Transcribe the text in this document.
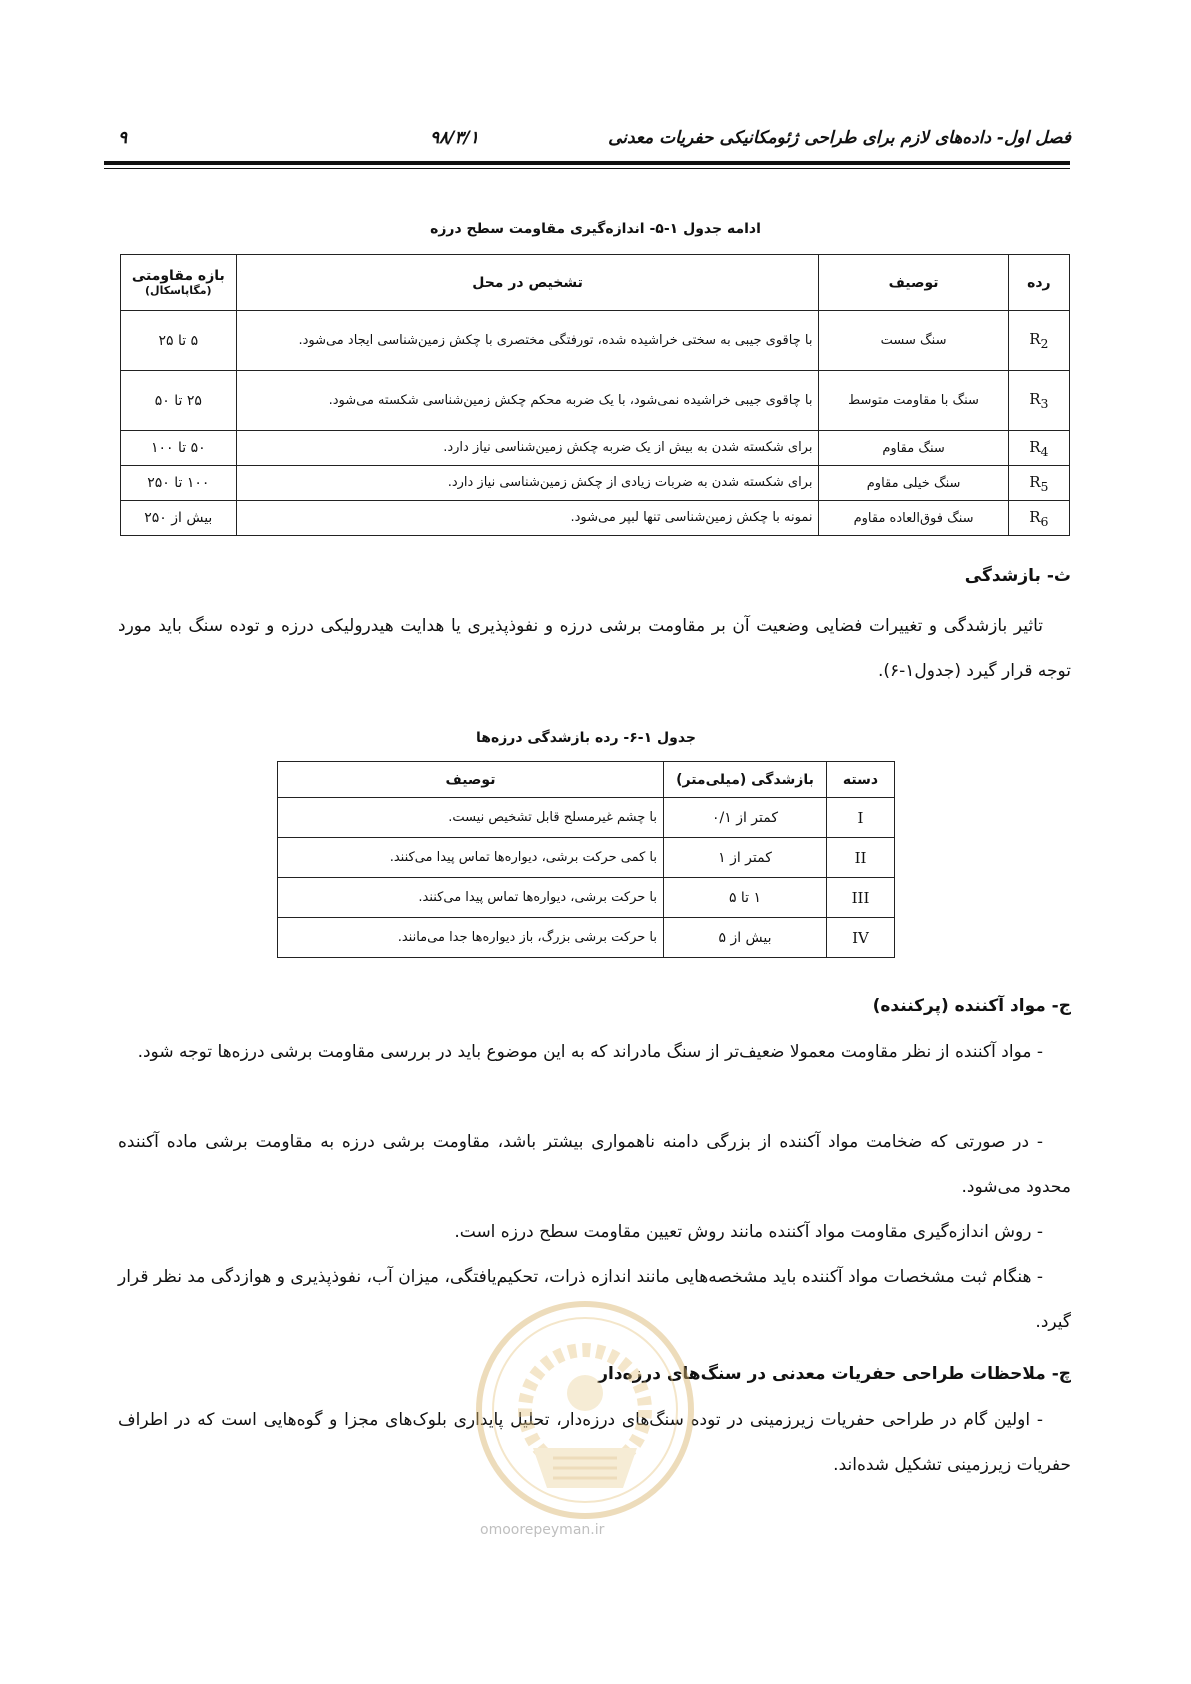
فصل اول- داده‌های لازم برای طراحی ژئومکانیکی حفریات معدنی
۹۸/۳/۱
۹
ادامه جدول ۱-۵- اندازه‌گیری مقاومت سطح درزه
رده	توصیف	تشخیص در محل	بازه مقاومتی
(مگاپاسکال)

$R_2$	سنگ سست	با چاقوی جیبی به سختی خراشیده شده، تورفتگی مختصری با چکش زمین‌شناسی ایجاد می‌شود.	۵ تا ۲۵
$R_3$	سنگ با مقاومت متوسط	با چاقوی جیبی خراشیده نمی‌شود، با یک ضربه محکم چکش زمین‌شناسی شکسته می‌شود.	۲۵ تا ۵۰
$R_4$	سنگ مقاوم	برای شکسته شدن به بیش از یک ضربه چکش زمین‌شناسی نیاز دارد.	۵۰ تا ۱۰۰
$R_5$	سنگ خیلی مقاوم	برای شکسته شدن به ضربات زیادی از چکش زمین‌شناسی نیاز دارد.	۱۰۰ تا ۲۵۰
$R_6$	سنگ فوق‌العاده مقاوم	نمونه با چکش زمین‌شناسی تنها لبپر می‌شود.	بیش از ۲۵۰
ث- بازشدگی
تاثیر بازشدگی و تغییرات فضایی وضعیت آن بر مقاومت برشی درزه و نفوذپذیری یا هدایت هیدرولیکی درزه و توده سنگ باید مورد توجه قرار گیرد (جدول۱-۶).
جدول ۱-۶- رده بازشدگی درزه‌ها
دسته	بازشدگی (میلی‌متر)	توصیف
I	کمتر از ۰/۱	با چشم غیرمسلح قابل تشخیص نیست.
II	کمتر از ۱	با کمی حرکت برشی، دیواره‌ها تماس پیدا می‌کنند.
III	۱ تا ۵	با حرکت برشی، دیواره‌ها تماس پیدا می‌کنند.
IV	بیش از ۵	با حرکت برشی بزرگ، باز دیواره‌ها جدا می‌مانند.
ج- مواد آکننده (پرکننده)
- مواد آکننده از نظر مقاومت معمولا ضعیف‌تر از سنگ مادراند که به این موضوع باید در بررسی مقاومت برشی درزه‌ها توجه شود.
- در صورتی که ضخامت مواد آکننده از بزرگی دامنه ناهمواری بیشتر باشد، مقاومت برشی درزه به مقاومت برشی ماده آکننده محدود می‌شود.
- روش اندازه‌گیری مقاومت مواد آکننده مانند روش تعیین مقاومت سطح درزه است.
- هنگام ثبت مشخصات مواد آکننده باید مشخصه‌هایی مانند اندازه ذرات، تحکیم‌یافتگی، میزان آب، نفوذپذیری و هوازدگی مد نظر قرار گیرد.
چ- ملاحظات طراحی حفریات معدنی در سنگ‌های درزه‌دار
- اولین گام در طراحی حفریات زیرزمینی در توده سنگ‌های درزه‌دار، تحلیل پایداری بلوک‌های مجزا و گوه‌هایی است که در اطراف حفریات زیرزمینی تشکیل شده‌اند.
omoorepeyman.ir
